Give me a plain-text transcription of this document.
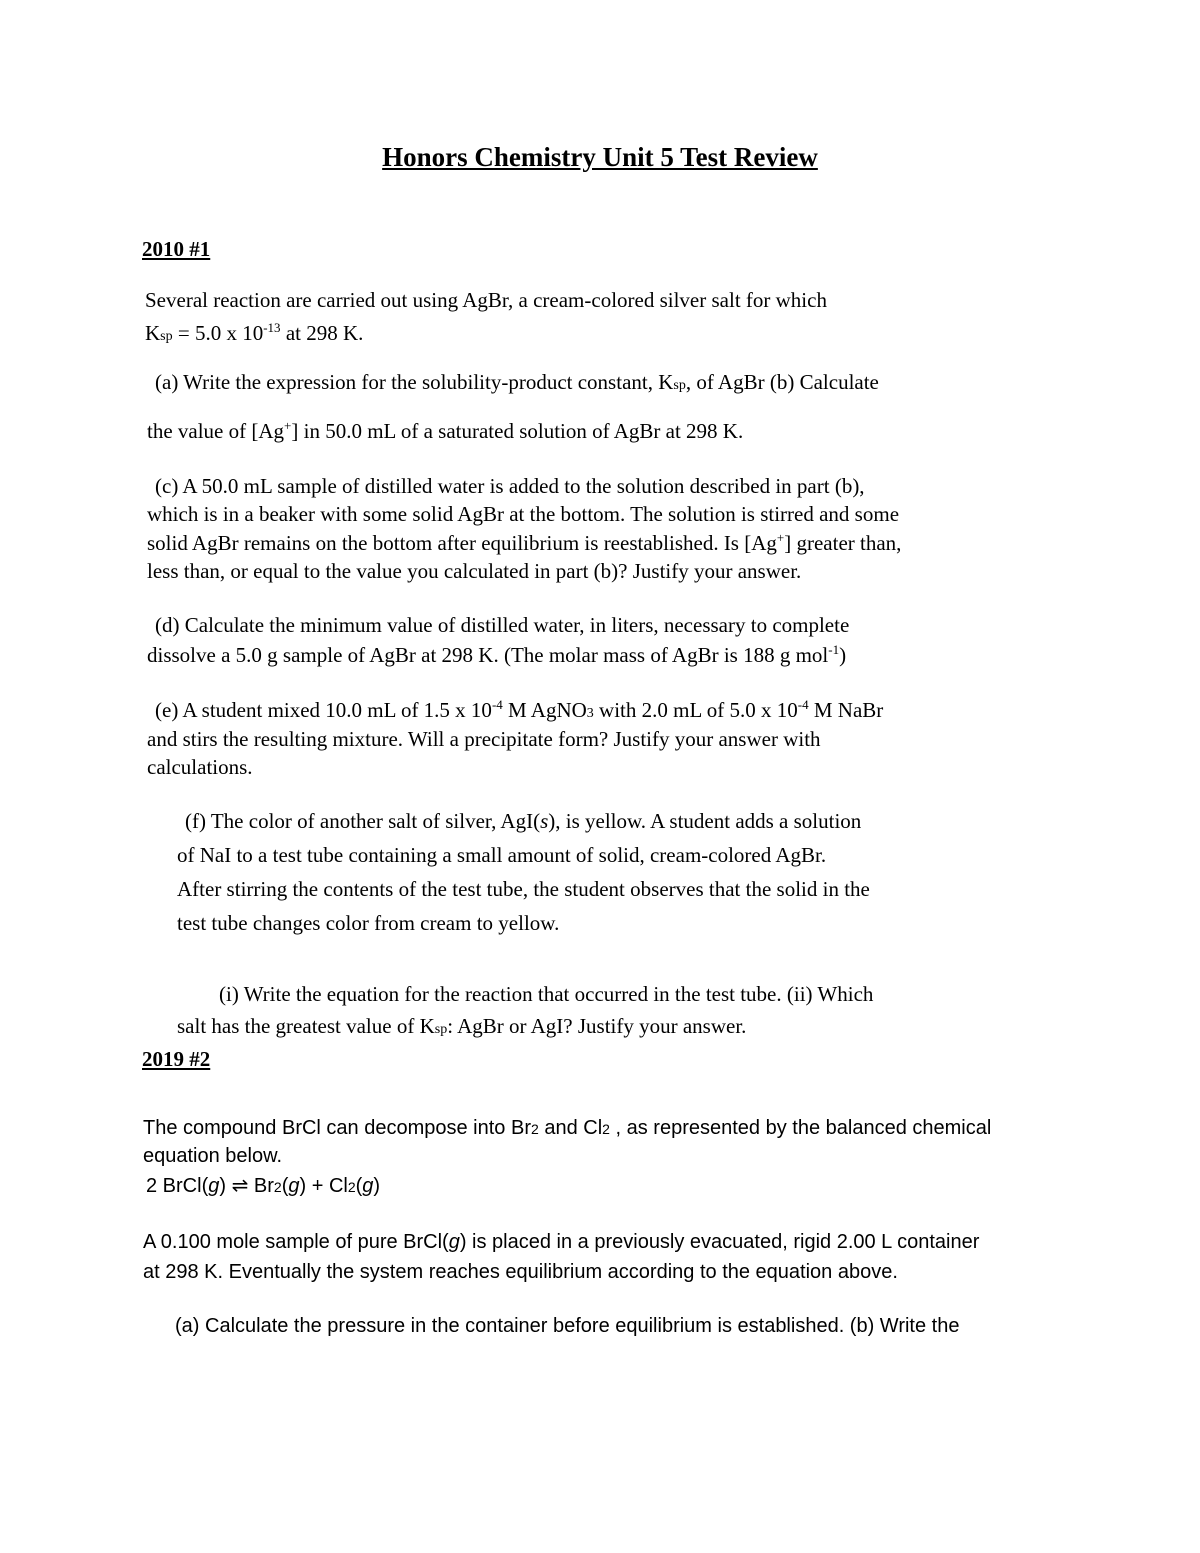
Honors Chemistry Unit 5 Test Review
2010 #1
Several reaction are carried out using AgBr, a cream-colored silver salt for which
Ksp = 5.0 x $10^{-13}$ at 298 K.
(a) Write the expression for the solubility-product constant, Ksp, of AgBr (b) Calculate
the value of [Ag+] in 50.0 mL of a saturated solution of AgBr at 298 K.
(c) A 50.0 mL sample of distilled water is added to the solution described in part (b),
which is in a beaker with some solid AgBr at the bottom. The solution is stirred and some
solid AgBr remains on the bottom after equilibrium is reestablished. Is [Ag+] greater than,
less than, or equal to the value you calculated in part (b)? Justify your answer.
(d) Calculate the minimum value of distilled water, in liters, necessary to complete
dissolve a 5.0 g sample of AgBr at 298 K. (The molar mass of AgBr is 188 g mol$^{-1}$)
(e) A student mixed 10.0 mL of 1.5 x $10^{-4}$ M AgNO3 with 2.0 mL of 5.0 x $10^{-4}$ M NaBr
and stirs the resulting mixture. Will a precipitate form? Justify your answer with
calculations.
(f) The color of another salt of silver, AgI(s), is yellow. A student adds a solution
of NaI to a test tube containing a small amount of solid, cream-colored AgBr.
After stirring the contents of the test tube, the student observes that the solid in the
test tube changes color from cream to yellow.
(i) Write the equation for the reaction that occurred in the test tube. (ii) Which
salt has the greatest value of Ksp: AgBr or AgI? Justify your answer.
2019 #2
The compound BrCl can decompose into Br2 and Cl2 , as represented by the balanced chemical
equation below.
2 BrCl(g) ⇌ Br2(g) + Cl2(g)
A 0.100 mole sample of pure BrCl(g) is placed in a previously evacuated, rigid 2.00 L container
at 298 K. Eventually the system reaches equilibrium according to the equation above.
(a) Calculate the pressure in the container before equilibrium is established. (b) Write the
